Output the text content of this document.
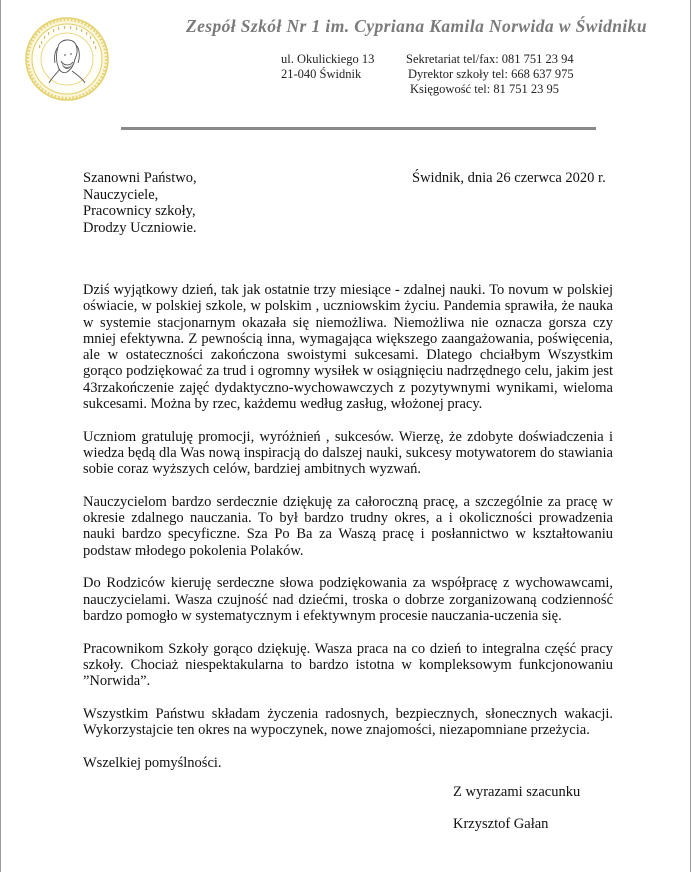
Zespół Szkół Nr 1 im. Cypriana Kamila Norwida w Świdniku
ul. Okulickiego 13
21-040 Świdnik
Sekretariat tel/fax: 081 751 23 94
Dyrektor szkoły tel: 668 637 975
Księgowość tel: 81 751 23 95
Szanowni Państwo,
Nauczyciele,
Pracownicy szkoły,
Drodzy Uczniowie.
Świdnik, dnia 26 czerwca 2020 r.

Dziś wyjątkowy dzień, tak jak ostatnie trzy miesiące - zdalnej nauki. To novum w polskiej oświacie, w polskiej szkole, w polskim , uczniowskim życiu. Pandemia sprawiła, że nauka w systemie stacjonarnym okazała się niemożliwa. Niemożliwa nie oznacza gorsza czy mniej efektywna. Z pewnością inna, wymagająca większego zaangażowania, poświęcenia, ale w ostateczności zakończona swoistymi sukcesami. Dlatego chciałbym Wszystkim gorąco podziękować za trud i ogromny wysiłek w osiągnięciu nadrzędnego celu, jakim jest 43rzakończenie zajęć dydaktyczno-wychowawczych z pozytywnymi wynikami, wieloma sukcesami. Można by rzec, każdemu według zasług, włożonej pracy.

Uczniom gratuluję promocji, wyróżnień , sukcesów. Wierzę, że zdobyte doświadczenia i wiedza będą dla Was nową inspiracją do dalszej nauki, sukcesy motywatorem do stawiania sobie coraz wyższych celów, bardziej ambitnych wyzwań.

Nauczycielom bardzo serdecznie dziękuję za całoroczną pracę, a szczególnie za pracę w okresie zdalnego nauczania. To był bardzo trudny okres, a i okoliczności prowadzenia nauki bardzo specyficzne. Sza Po Ba za Waszą pracę i posłannictwo w kształtowaniu podstaw młodego pokolenia Polaków.

Do Rodziców kieruję serdeczne słowa podziękowania za współpracę z wychowawcami, nauczycielami. Wasza czujność nad dziećmi, troska o dobrze zorganizowaną codzienność bardzo pomogło w systematycznym i efektywnym procesie nauczania-uczenia się.

Pracownikom Szkoły gorąco dziękuję. Wasza praca na co dzień to integralna część pracy szkoły. Chociaż niespektakularna to bardzo istotna w kompleksowym funkcjonowaniu ”Norwida”.

Wszystkim Państwu składam życzenia radosnych, bezpiecznych, słonecznych wakacji. Wykorzystajcie ten okres na wypoczynek, nowe znajomości, niezapomniane przeżycia.

Wszelkiej pomyślności.

Z wyrazami szacunku
Krzysztof Gałan
